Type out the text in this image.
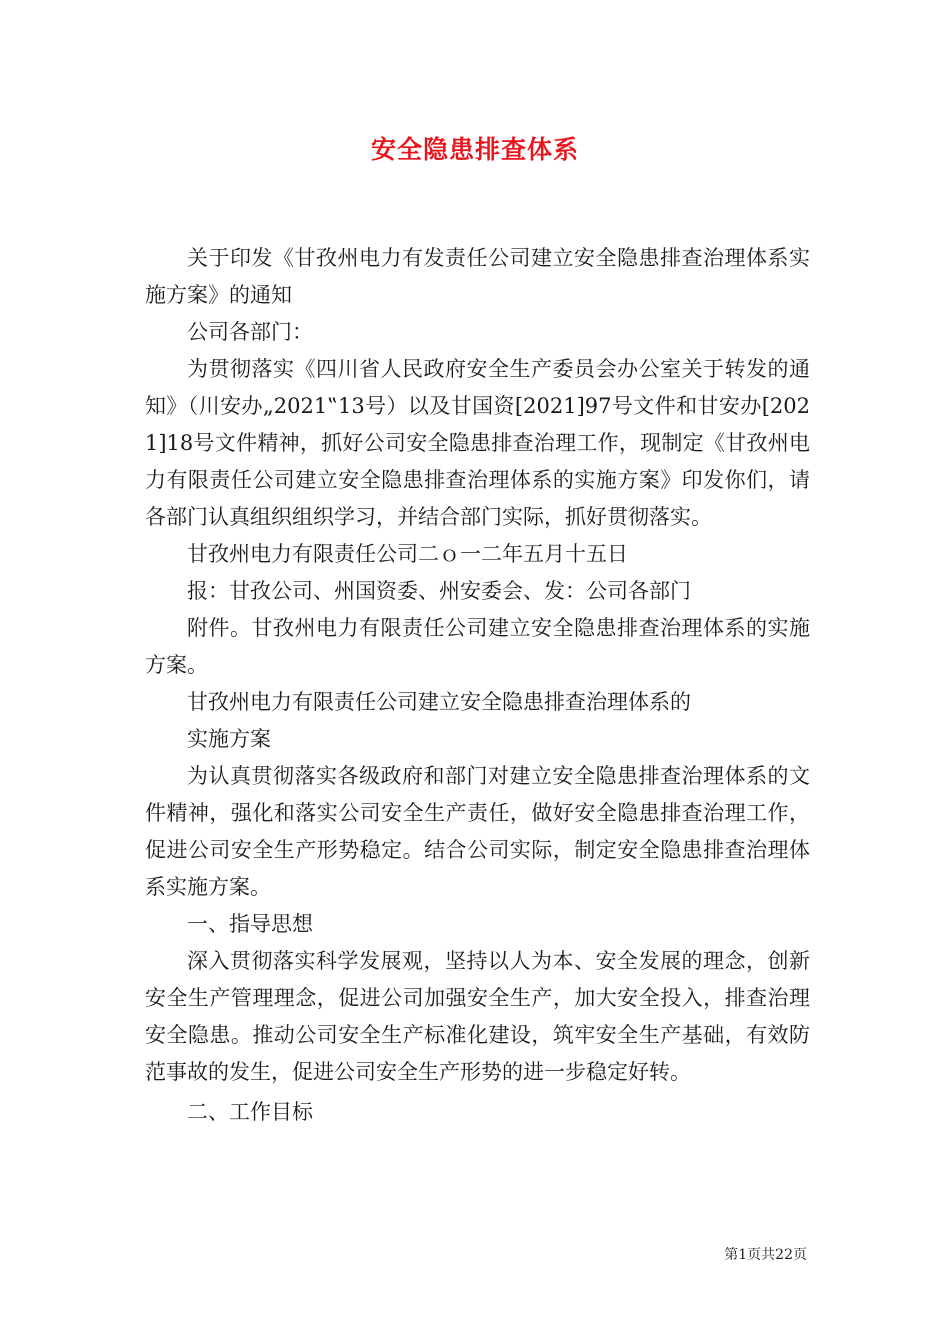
安全隐患排查体系

关于印发《甘孜州电力有发责任公司建立安全隐患排查治理体系实施方案》的通知

公司各部门：

为贯彻落实《四川省人民政府安全生产委员会办公室关于转发的通知》（川安办„2021‟13号）以及甘国资[2021]97号文件和甘安办[2021]18号文件精神，抓好公司安全隐患排查治理工作，现制定《甘孜州电力有限责任公司建立安全隐患排查治理体系的实施方案》印发你们，请各部门认真组织组织学习，并结合部门实际，抓好贯彻落实。

甘孜州电力有限责任公司二ｏ一二年五月十五日

报：甘孜公司、州国资委、州安委会、发：公司各部门

附件。甘孜州电力有限责任公司建立安全隐患排查治理体系的实施方案。

甘孜州电力有限责任公司建立安全隐患排查治理体系的

实施方案

为认真贯彻落实各级政府和部门对建立安全隐患排查治理体系的文件精神，强化和落实公司安全生产责任，做好安全隐患排查治理工作，促进公司安全生产形势稳定。结合公司实际，制定安全隐患排查治理体系实施方案。

一、指导思想

深入贯彻落实科学发展观，坚持以人为本、安全发展的理念，创新安全生产管理理念，促进公司加强安全生产，加大安全投入，排查治理安全隐患。推动公司安全生产标准化建设，筑牢安全生产基础，有效防范事故的发生，促进公司安全生产形势的进一步稳定好转。

二、工作目标

第1页共22页
